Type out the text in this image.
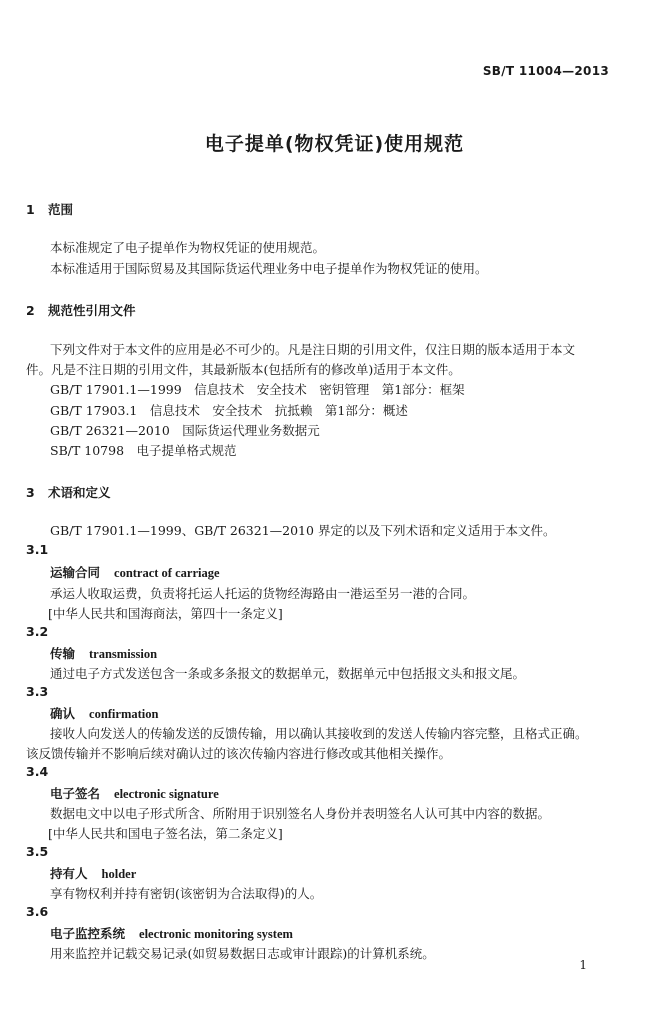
SB/T 11004—2013
电子提单(物权凭证)使用规范
1 范围
本标准规定了电子提单作为物权凭证的使用规范。
本标准适用于国际贸易及其国际货运代理业务中电子提单作为物权凭证的使用。
2 规范性引用文件
下列文件对于本文件的应用是必不可少的。凡是注日期的引用文件，仅注日期的版本适用于本文
件。凡是不注日期的引用文件，其最新版本(包括所有的修改单)适用于本文件。
GB/T 17901.1—1999　信息技术　安全技术　密钥管理　第1部分：框架
GB/T 17903.1　信息技术　安全技术　抗抵赖　第1部分：概述
GB/T 26321—2010　国际货运代理业务数据元
SB/T 10798　电子提单格式规范
3 术语和定义
GB/T 17901.1—1999、GB/T 26321—2010 界定的以及下列术语和定义适用于本文件。
3.1
运输合同 contract of carriage
承运人收取运费，负责将托运人托运的货物经海路由一港运至另一港的合同。
[中华人民共和国海商法，第四十一条定义]
3.2
传输 transmission
通过电子方式发送包含一条或多条报文的数据单元，数据单元中包括报文头和报文尾。
3.3
确认 confirmation
接收人向发送人的传输发送的反馈传输，用以确认其接收到的发送人传输内容完整，且格式正确。
该反馈传输并不影响后续对确认过的该次传输内容进行修改或其他相关操作。
3.4
电子签名 electronic signature
数据电文中以电子形式所含、所附用于识别签名人身份并表明签名人认可其中内容的数据。
[中华人民共和国电子签名法，第二条定义]
3.5
持有人 holder
享有物权利并持有密钥(该密钥为合法取得)的人。
3.6
电子监控系统 electronic monitoring system
用来监控并记载交易记录(如贸易数据日志或审计跟踪)的计算机系统。
1
